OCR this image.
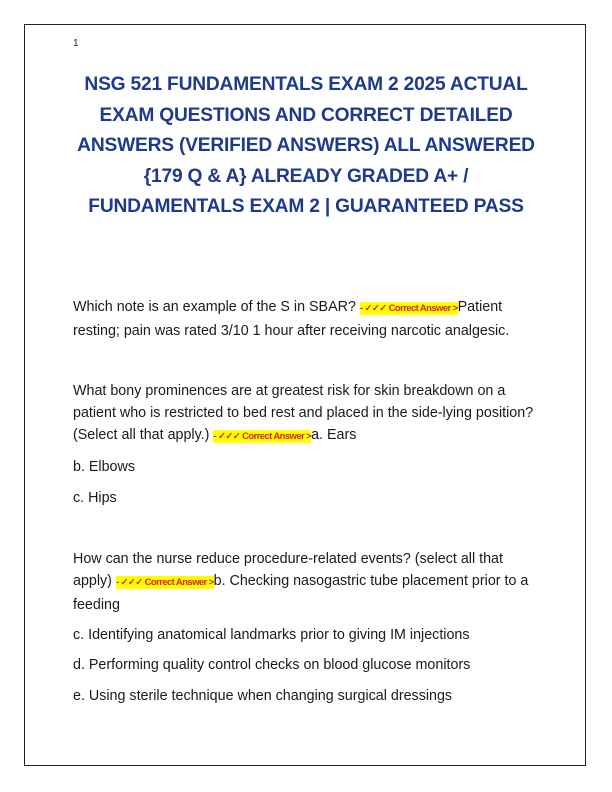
1
NSG 521 FUNDAMENTALS EXAM 2 2025 ACTUAL
EXAM QUESTIONS AND CORRECT DETAILED
ANSWERS (VERIFIED ANSWERS) ALL ANSWERED
{179 Q & A} ALREADY GRADED A+ /
FUNDAMENTALS EXAM 2 | GUARANTEED PASS
Which note is an example of the S in SBAR? - ✓✓✓ Correct Answer >Patient resting; pain was rated 3/10 1 hour after receiving narcotic analgesic.
What bony prominences are at greatest risk for skin breakdown on a patient who is restricted to bed rest and placed in the side-lying position? (Select all that apply.) - ✓✓✓ Correct Answer >a. Ears
b. Elbows
c. Hips
How can the nurse reduce procedure-related events? (select all that apply) - ✓✓✓ Correct Answer >b. Checking nasogastric tube placement prior to a feeding
c. Identifying anatomical landmarks prior to giving IM injections
d. Performing quality control checks on blood glucose monitors
e. Using sterile technique when changing surgical dressings
